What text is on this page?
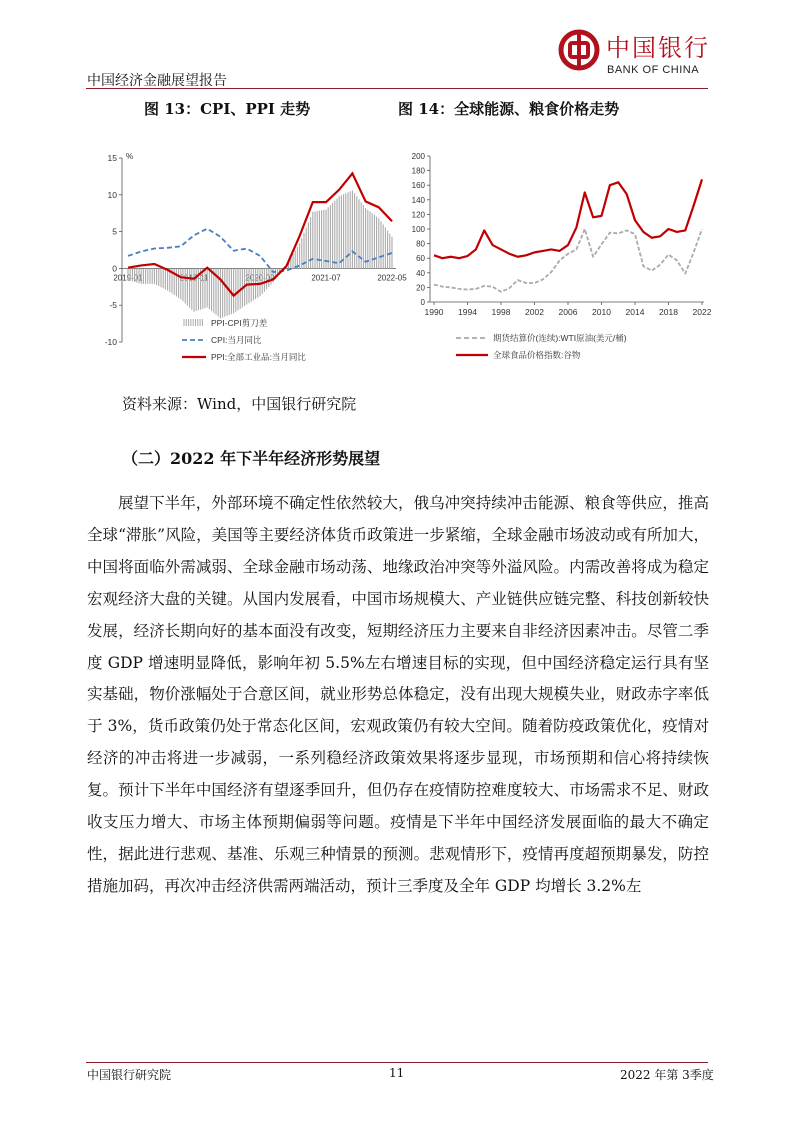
中国经济金融展望报告
中国银行
BANK OF CHINA
图 13：CPI、PPI 走势	图 14：全球能源、粮食价格走势
15
10
5
0
-5
-10
%
2019-01	2019-11	2020-09	2021-07	2022-05
PPI-CPI剪刀差
CPI:当月同比
PPI:全部工业品:当月同比
200
180
160
140
120
100
80
60
40
20
0
1990 1994 1998 2002 2006 2010 2014 2018 2022
期货结算价(连续):WTI原油(美元/桶)
全球食品价格指数:谷物
资料来源：Wind，中国银行研究院
（二）2022 年下半年经济形势展望

展望下半年，外部环境不确定性依然较大，俄乌冲突持续冲击能源、粮食等供应，推高全球“滞胀”风险，美国等主要经济体货币政策进一步紧缩，全球金融市场波动或有所加大，中国将面临外需减弱、全球金融市场动荡、地缘政治冲突等外溢风险。内需改善将成为稳定宏观经济大盘的关键。从国内发展看，中国市场规模大、产业链供应链完整、科技创新较快发展，经济长期向好的基本面没有改变，短期经济压力主要来自非经济因素冲击。尽管二季度 GDP 增速明显降低，影响年初 5.5%左右增速目标的实现，但中国经济稳定运行具有坚实基础，物价涨幅处于合意区间，就业形势总体稳定，没有出现大规模失业，财政赤字率低于 3%，货币政策仍处于常态化区间，宏观政策仍有较大空间。随着防疫政策优化，疫情对经济的冲击将进一步减弱，一系列稳经济政策效果将逐步显现，市场预期和信心将持续恢复。预计下半年中国经济有望逐季回升，但仍存在疫情防控难度较大、市场需求不足、财政收支压力增大、市场主体预期偏弱等问题。疫情是下半年中国经济发展面临的最大不确定性，据此进行悲观、基准、乐观三种情景的预测。悲观情形下，疫情再度超预期暴发，防控措施加码，再次冲击经济供需两端活动，预计三季度及全年 GDP 均增长 3.2%左

中国银行研究院	11	2022 年第 3季度
